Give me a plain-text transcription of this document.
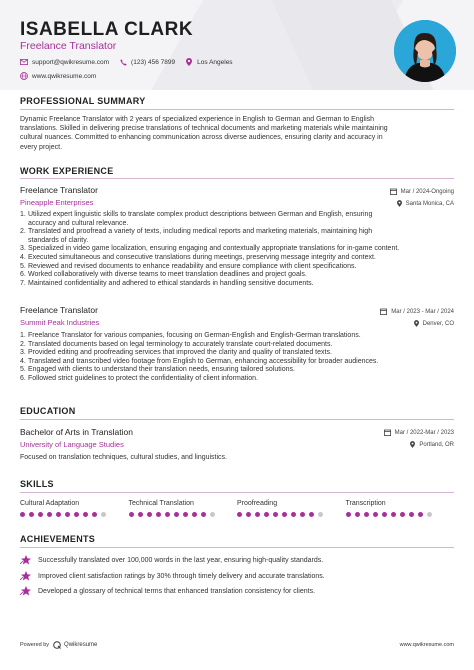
ISABELLA CLARK
Freelance Translator
support@qwikresume.com	(123) 456 7899	Los Angeles
www.qwikresume.com
PROFESSIONAL SUMMARY
Dynamic Freelance Translator with 2 years of specialized experience in English to German and German to English
translations. Skilled in delivering precise translations of technical documents and marketing materials while maintaining
cultural nuances. Committed to enhancing communication across diverse audiences, ensuring clarity and accuracy in
every project.
WORK EXPERIENCE
Freelance Translator	Mar / 2024-Ongoing
Pineapple Enterprises	Santa Monica, CA
1. Utilized expert linguistic skills to translate complex product descriptions between German and English, ensuring
accuracy and cultural relevance.
2. Translated and proofread a variety of texts, including medical reports and marketing materials, maintaining high
standards of clarity.
3. Specialized in video game localization, ensuring engaging and contextually appropriate translations for in-game content.
4. Executed simultaneous and consecutive translations during meetings, preserving message integrity and context.
5. Reviewed and revised documents to enhance readability and ensure compliance with client specifications.
6. Worked collaboratively with diverse teams to meet translation deadlines and project goals.
7. Maintained confidentiality and adhered to ethical standards in handling sensitive documents.
Freelance Translator	Mar / 2023 - Mar / 2024
Summit Peak Industries	Denver, CO
1. Freelance Translator for various companies, focusing on German-English and English-German translations.
2. Translated documents based on legal terminology to accurately translate court-related documents.
3. Provided editing and proofreading services that improved the clarity and quality of translated texts.
4. Translated and transcribed video footage from English to German, enhancing accessibility for broader audiences.
5. Engaged with clients to understand their translation needs, ensuring tailored solutions.
6. Followed strict guidelines to protect the confidentiality of client information.
EDUCATION
Bachelor of Arts in Translation	Mar / 2022-Mar / 2023
University of Language Studies	Portland, OR
Focused on translation techniques, cultural studies, and linguistics.
SKILLS
Cultural Adaptation	Technical Translation	Proofreading	Transcription
ACHIEVEMENTS
Successfully translated over 100,000 words in the last year, ensuring high-quality standards.
Improved client satisfaction ratings by 30% through timely delivery and accurate translations.
Developed a glossary of technical terms that enhanced translation consistency for clients.
Powered by	Qwikresume	www.qwikresume.com
